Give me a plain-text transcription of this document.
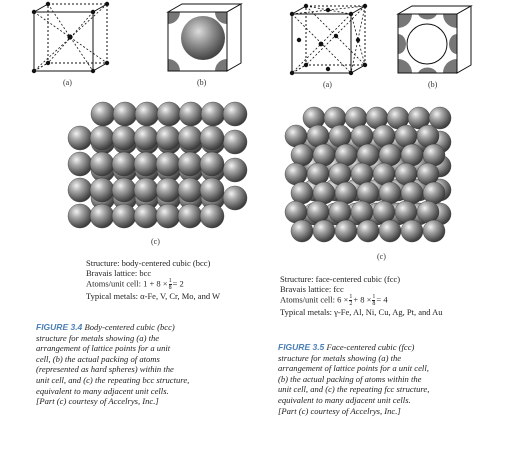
(a)	(b)	(a)	(b)
(c)
(c)
Structure: body-centered cubic (bcc)
Bravais lattice: bcc
Atoms/unit cell: $1 + 8 \times \frac{1}{8} = 2$
Typical metals: α-Fe, V, Cr, Mo, and W
Structure: face-centered cubic (fcc)
Bravais lattice: fcc
Atoms/unit cell: $6 \times \frac{1}{2} + 8 \times \frac{1}{8} = 4$
Typical metals: γ-Fe, Al, Ni, Cu, Ag, Pt, and Au
FIGURE 3.4 Body-centered cubic (bcc)
structure for metals showing (a) the
arrangement of lattice points for a unit
cell, (b) the actual packing of atoms
(represented as hard spheres) within the
unit cell, and (c) the repeating bcc structure,
equivalent to many adjacent unit cells.
[Part (c) courtesy of Accelrys, Inc.]
FIGURE 3.5 Face-centered cubic (fcc)
structure for metals showing (a) the
arrangement of lattice points for a unit cell,
(b) the actual packing of atoms within the
unit cell, and (c) the repeating fcc structure,
equivalent to many adjacent unit cells.
[Part (c) courtesy of Accelrys, Inc.]
